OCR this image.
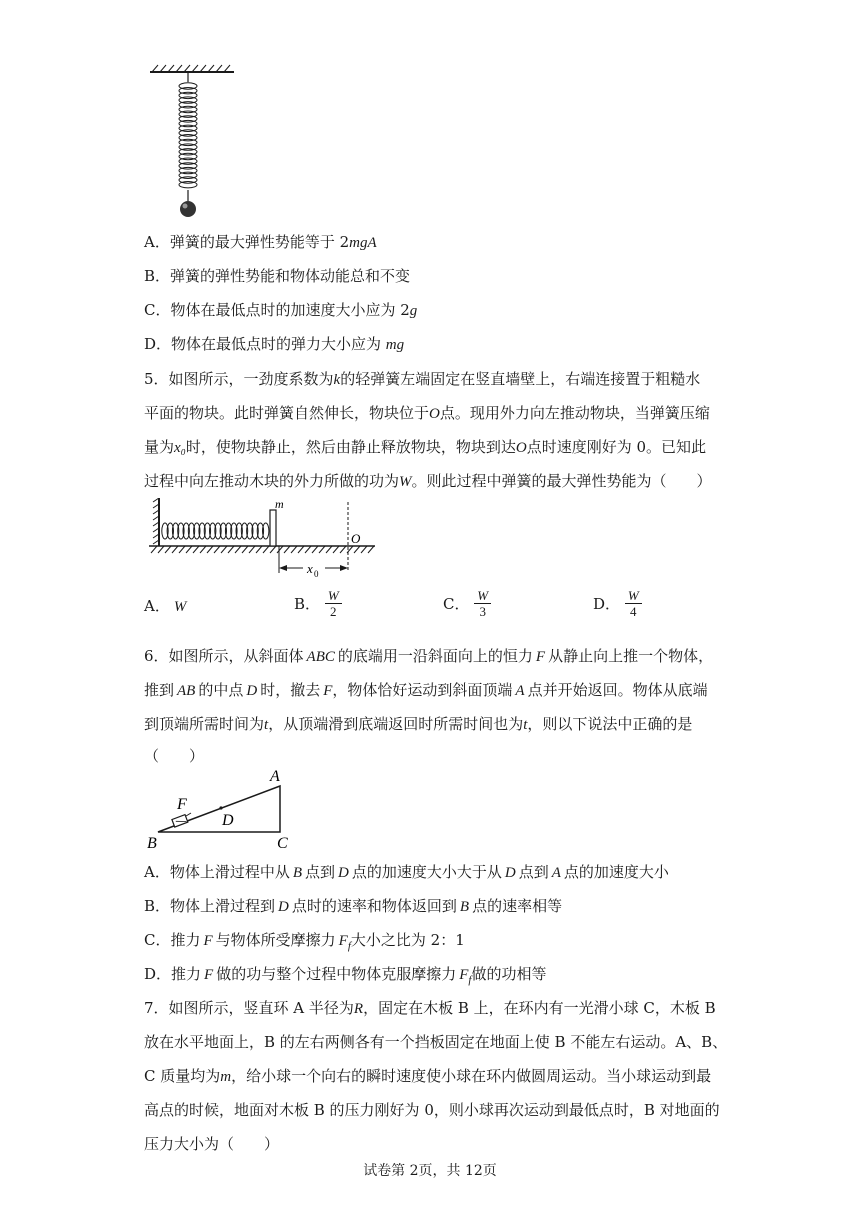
A．弹簧的最大弹性势能等于 2mgA
B．弹簧的弹性势能和物体动能总和不变
C．物体在最低点时的加速度大小应为 2g
D．物体在最低点时的弹力大小应为 mg
5．如图所示，一劲度系数为k的轻弹簧左端固定在竖直墙壁上，右端连接置于粗糙水
平面的物块。此时弹簧自然伸长，物块位于O点。现用外力向左推动物块，当弹簧压缩
量为x₀时，使物块静止，然后由静止释放物块，物块到达O点时速度刚好为 0。已知此
过程中向左推动木块的外力所做的功为W。则此过程中弹簧的最大弹性势能为（　　）
m
O
x 0
A． W	B． $\frac{W}{2}$	C． $\frac{W}{3}$	D． $\frac{W}{4}$
6．如图所示，从斜面体 ABC 的底端用一沿斜面向上的恒力 F 从静止向上推一个物体，
推到 AB 的中点 D 时，撤去 F，物体恰好运动到斜面顶端 A 点并开始返回。物体从底端
到顶端所需时间为t，从顶端滑到底端返回时所需时间也为t，则以下说法中正确的是
（　　）
A
B	C
D
F
A．物体上滑过程中从 B 点到 D 点的加速度大小大于从 D 点到 A 点的加速度大小
B．物体上滑过程到 D 点时的速率和物体返回到 B 点的速率相等
C．推力 F 与物体所受摩擦力 $F_f$大小之比为 2：1
D．推力 F 做的功与整个过程中物体克服摩擦力 $F_f$做的功相等
7．如图所示，竖直环 A 半径为R，固定在木板 B 上，在环内有一光滑小球 C，木板 B
放在水平地面上，B 的左右两侧各有一个挡板固定在地面上使 B 不能左右运动。A、B、
C 质量均为m，给小球一个向右的瞬时速度使小球在环内做圆周运动。当小球运动到最
高点的时候，地面对木板 B 的压力刚好为 0，则小球再次运动到最低点时，B 对地面的
压力大小为（　　）
试卷第 2页，共 12页
